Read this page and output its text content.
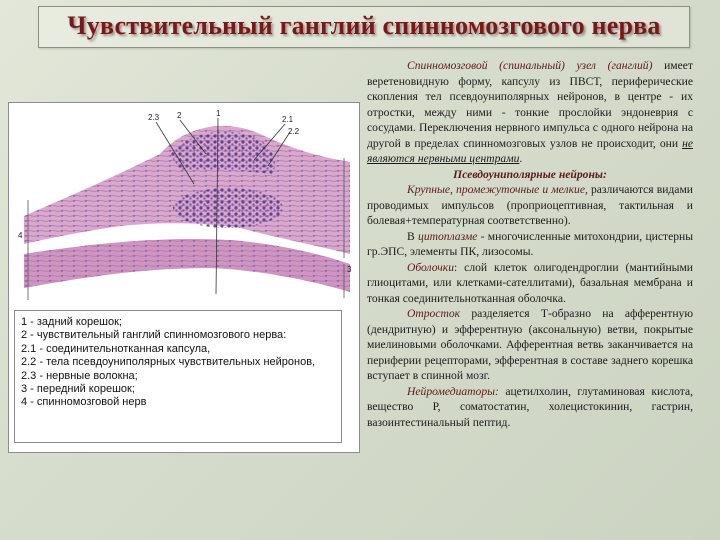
Чувствительный ганглий спинномозгового нерва
2.3 2	1
2.1
2.2
4
3
1 - задний корешок;
2 - чувствительный ганглий спинномозгового нерва:
2.1 - соединительнотканная капсула,
2.2 - тела псевдоуниполярных чувствительных нейронов,
2.3 - нервные волокна;
3 - передний корешок;
4 - спинномозговой нерв

Спинномозговой (спинальный) узел (ганглий) имеет веретеновидную форму, капсулу из ПВСТ, периферические скопления тел псевдоуниполярных нейронов, в центре - их отростки, между ними - тонкие прослойки эндоневрия с сосудами. Переключения нервного импульса с одного нейрона на другой в пределах спинномозговых узлов не происходит, они не являются нервными центрами.

Псевдоуниполярные нейроны:

Крупные, промежуточные и мелкие, различаются видами проводимых импульсов (проприоцептивная, тактильная и болевая+температурная соответственно).

В цитоплазме - многочисленные митохондрии, цистерны гр.ЭПС, элементы ПК, лизосомы.

Оболочки: слой клеток олигодендроглии (мантийными глиоцитами, или клетками-сателлитами), базальная мембрана и тонкая соединительнотканная оболочка.

Отросток разделяется Т-образно на афферентную (дендритную) и эфферентную (аксональную) ветви, покрытые миелиновыми оболочками. Афферентная ветвь заканчивается на периферии рецепторами, эфферентная в составе заднего корешка вступает в спинной мозг.

Нейромедиаторы: ацетилхолин, глутаминовая кислота, вещество Р, соматостатин, холецистокинин, гастрин, вазоинтестинальный пептид.
